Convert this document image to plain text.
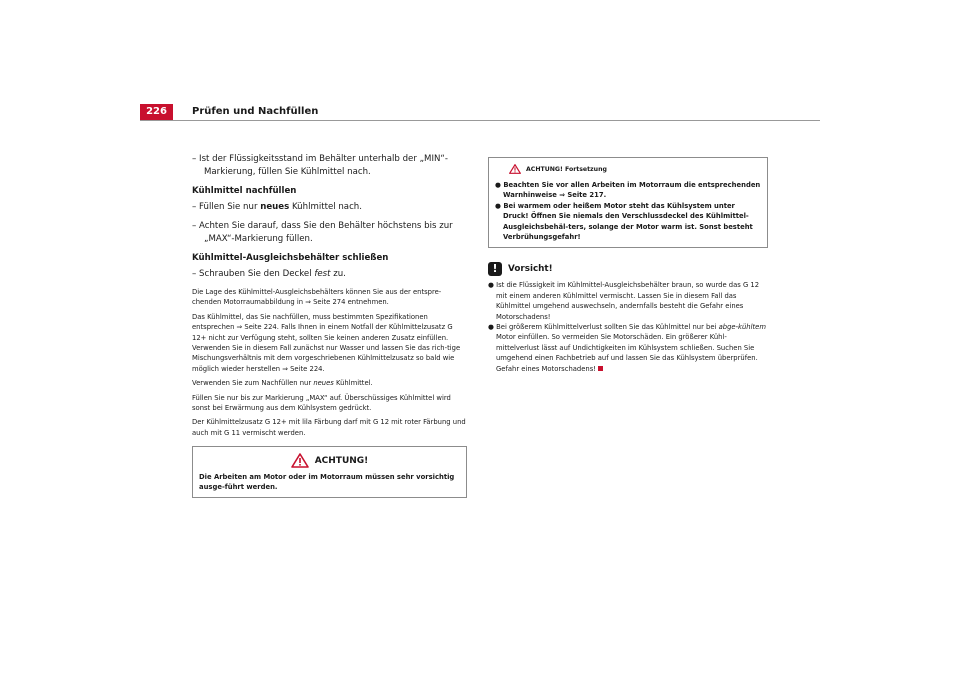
226	Prüfen und Nachfüllen

– Ist der Flüssigkeitsstand im Behälter unterhalb der „MIN“-Markierung, füllen Sie Kühlmittel nach.

Kühlmittel nachfüllen

– Füllen Sie nur neues Kühlmittel nach.

– Achten Sie darauf, dass Sie den Behälter höchstens bis zur „MAX“-Markierung füllen.

Kühlmittel-Ausgleichsbehälter schließen

– Schrauben Sie den Deckel fest zu.

Die Lage des Kühlmittel-Ausgleichsbehälters können Sie aus der entspre-chenden Motorraumabbildung in ⇒ Seite 274 entnehmen.

Das Kühlmittel, das Sie nachfüllen, muss bestimmten Spezifikationen entsprechen ⇒ Seite 224. Falls Ihnen in einem Notfall der Kühlmittelzusatz G 12+ nicht zur Verfügung steht, sollten Sie keinen anderen Zusatz einfüllen. Verwenden Sie in diesem Fall zunächst nur Wasser und lassen Sie das rich-tige Mischungsverhältnis mit dem vorgeschriebenen Kühlmittelzusatz so bald wie möglich wieder herstellen ⇒ Seite 224.

Verwenden Sie zum Nachfüllen nur neues Kühlmittel.

Füllen Sie nur bis zur Markierung „MAX“ auf. Überschüssiges Kühlmittel wird sonst bei Erwärmung aus dem Kühlsystem gedrückt.

Der Kühlmittelzusatz G 12+ mit lila Färbung darf mit G 12 mit roter Färbung und auch mit G 11 vermischt werden.

ACHTUNG!

Die Arbeiten am Motor oder im Motorraum müssen sehr vorsichtig ausge-führt werden.

ACHTUNG! Fortsetzung

● Beachten Sie vor allen Arbeiten im Motorraum die entsprechenden Warnhinweise ⇒ Seite 217.

● Bei warmem oder heißem Motor steht das Kühlsystem unter Druck! Öffnen Sie niemals den Verschlussdeckel des Kühlmittel-Ausgleichsbehäl-ters, solange der Motor warm ist. Sonst besteht Verbrühungsgefahr!

!	Vorsicht!

● Ist die Flüssigkeit im Kühlmittel-Ausgleichsbehälter braun, so wurde das G 12 mit einem anderen Kühlmittel vermischt. Lassen Sie in diesem Fall das Kühlmittel umgehend auswechseln, andernfalls besteht die Gefahr eines Motorschadens!

● Bei größerem Kühlmittelverlust sollten Sie das Kühlmittel nur bei abge-kühltem Motor einfüllen. So vermeiden Sie Motorschäden. Ein größerer Kühl-mittelverlust lässt auf Undichtigkeiten im Kühlsystem schließen. Suchen Sie umgehend einen Fachbetrieb auf und lassen Sie das Kühlsystem überprüfen. Gefahr eines Motorschadens!
